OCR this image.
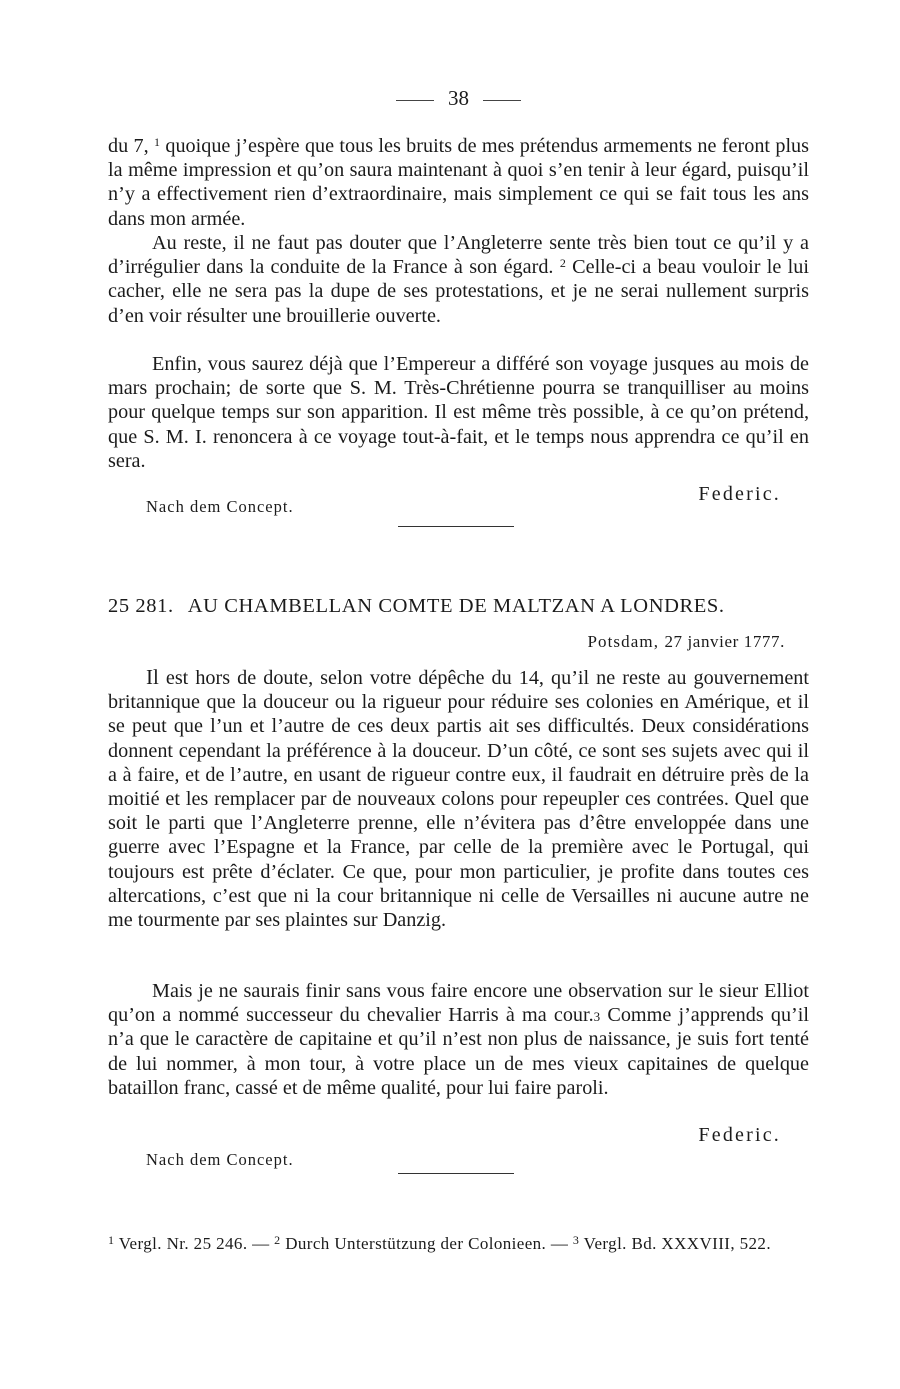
38

du 7, $^1$ quoique j’espère que tous les bruits de mes prétendus armements ne feront plus la même impression et qu’on saura maintenant à quoi s’en tenir à leur égard, puisqu’il n’y a effectivement rien d’extraordinaire, mais simplement ce qui se fait tous les ans dans mon armée.

Au reste, il ne faut pas douter que l’Angleterre sente très bien tout ce qu’il y a d’irrégulier dans la conduite de la France à son égard. $^2$ Celle-ci a beau vouloir le lui cacher, elle ne sera pas la dupe de ses protestations, et je ne serai nullement surpris d’en voir résulter une brouillerie ouverte.

Enfin, vous saurez déjà que l’Empereur a différé son voyage jusques au mois de mars prochain; de sorte que S. M. Très-Chrétienne pourra se tranquilliser au moins pour quelque temps sur son apparition. Il est même très possible, à ce qu’on prétend, que S. M. I. renoncera à ce voyage tout-à-fait, et le temps nous apprendra ce qu’il en sera.

Federic.
Nach dem Concept.
25 281. AU CHAMBELLAN COMTE DE MALTZAN A LONDRES.
Potsdam, 27 janvier 1777.

Il est hors de doute, selon votre dépêche du 14, qu’il ne reste au gouvernement britannique que la douceur ou la rigueur pour réduire ses colonies en Amérique, et il se peut que l’un et l’autre de ces deux partis ait ses difficultés. Deux considérations donnent cependant la préférence à la douceur. D’un côté, ce sont ses sujets avec qui il a à faire, et de l’autre, en usant de rigueur contre eux, il faudrait en détruire près de la moitié et les remplacer par de nouveaux colons pour repeupler ces contrées. Quel que soit le parti que l’Angleterre prenne, elle n’évitera pas d’être enveloppée dans une guerre avec l’Espagne et la France, par celle de la première avec le Portugal, qui toujours est prête d’éclater. Ce que, pour mon particulier, je profite dans toutes ces altercations, c’est que ni la cour britannique ni celle de Versailles ni aucune autre ne me tourmente par ses plaintes sur Danzig.

Mais je ne saurais finir sans vous faire encore une observation sur le sieur Elliot qu’on a nommé successeur du chevalier Harris à ma cour.3 Comme j’apprends qu’il n’a que le caractère de capitaine et qu’il n’est non plus de naissance, je suis fort tenté de lui nommer, à mon tour, à votre place un de mes vieux capitaines de quelque bataillon franc, cassé et de même qualité, pour lui faire paroli.

Federic.
Nach dem Concept.
$^1$ Vergl. Nr. 25 246. — $^2$ Durch Unterstützung der Colonieen. — $^3$ Vergl. Bd. XXXVIII, 522.
